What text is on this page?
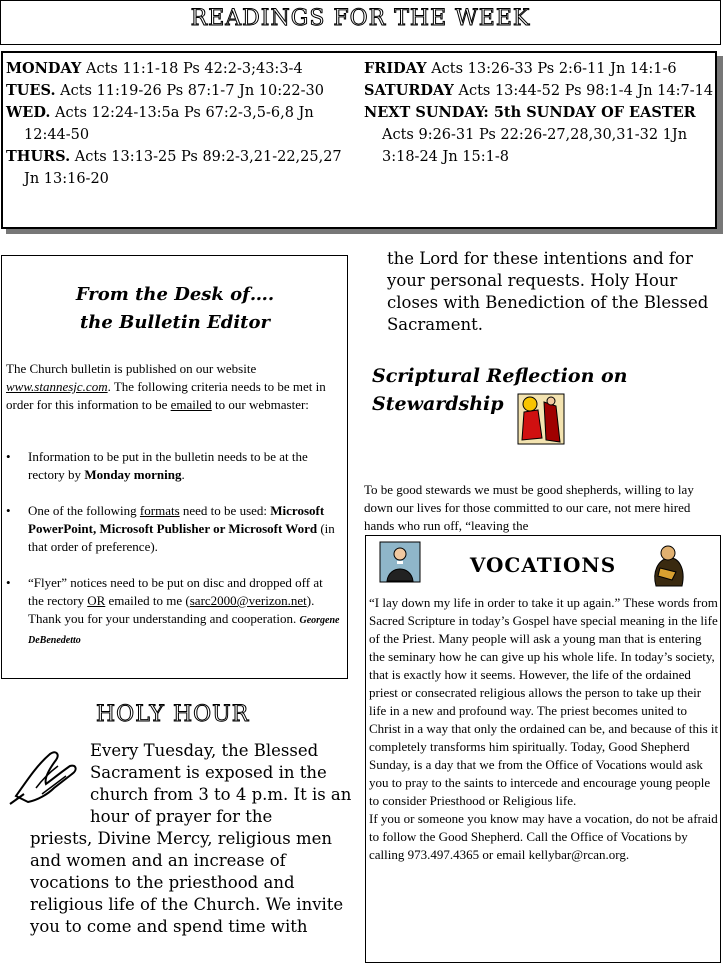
READINGS FOR THE WEEK
MONDAY Acts 11:1-18 Ps 42:2-3;43:3-4
TUES. Acts 11:19-26 Ps 87:1-7 Jn 10:22-30
WED. Acts 12:24-13:5a Ps 67:2-3,5-6,8 Jn 12:44-50
THURS. Acts 13:13-25 Ps 89:2-3,21-22,25,27 Jn 13:16-20
FRIDAY Acts 13:26-33 Ps 2:6-11 Jn 14:1-6
SATURDAY Acts 13:44-52 Ps 98:1-4 Jn 14:7-14
NEXT SUNDAY: 5th SUNDAY OF EASTER Acts 9:26-31 Ps 22:26-27,28,30,31-32 1Jn 3:18-24 Jn 15:1-8
From the Desk of….
the Bulletin Editor
The Church bulletin is published on our website www.stannesjc.com. The following criteria needs to be met in order for this information to be emailed to our webmaster:
• Information to be put in the bulletin needs to be at the rectory by Monday morning.
• One of the following formats need to be used: Microsoft PowerPoint, Microsoft Publisher or Microsoft Word (in that order of preference).
• “Flyer” notices need to be put on disc and dropped off at the rectory OR emailed to me (sarc2000@verizon.net).
Thank you for your understanding and cooperation. Georgene DeBenedetto
HOLY HOUR
Every Tuesday, the Blessed Sacrament is exposed in the church from 3 to 4 p.m. It is an hour of prayer for the
priests, Divine Mercy, religious men and women and an increase of vocations to the priesthood and religious life of the Church. We invite you to come and spend time with
the Lord for these intentions and for your personal requests. Holy Hour closes with Benediction of the Blessed Sacrament.
Scriptural Reflection on Stewardship
To be good stewards we must be good shepherds, willing to lay down our lives for those committed to our care, not mere hired hands who run off, “leaving the
VOCATIONS
“I lay down my life in order to take it up again.” These words from Sacred Scripture in today’s Gospel have special meaning in the life of the Priest. Many people will ask a young man that is entering the seminary how he can give up his whole life. In today’s society, that is exactly how it seems. However, the life of the ordained priest or consecrated religious allows the person to take up their life in a new and profound way. The priest becomes united to Christ in a way that only the ordained can be, and because of this it completely transforms him spiritually. Today, Good Shepherd Sunday, is a day that we from the Office of Vocations would ask you to pray to the saints to intercede and encourage young people to consider Priesthood or Religious life.
If you or someone you know may have a vocation, do not be afraid to follow the Good Shepherd. Call the Office of Vocations by calling 973.497.4365 or email kellybar@rcan.org.
